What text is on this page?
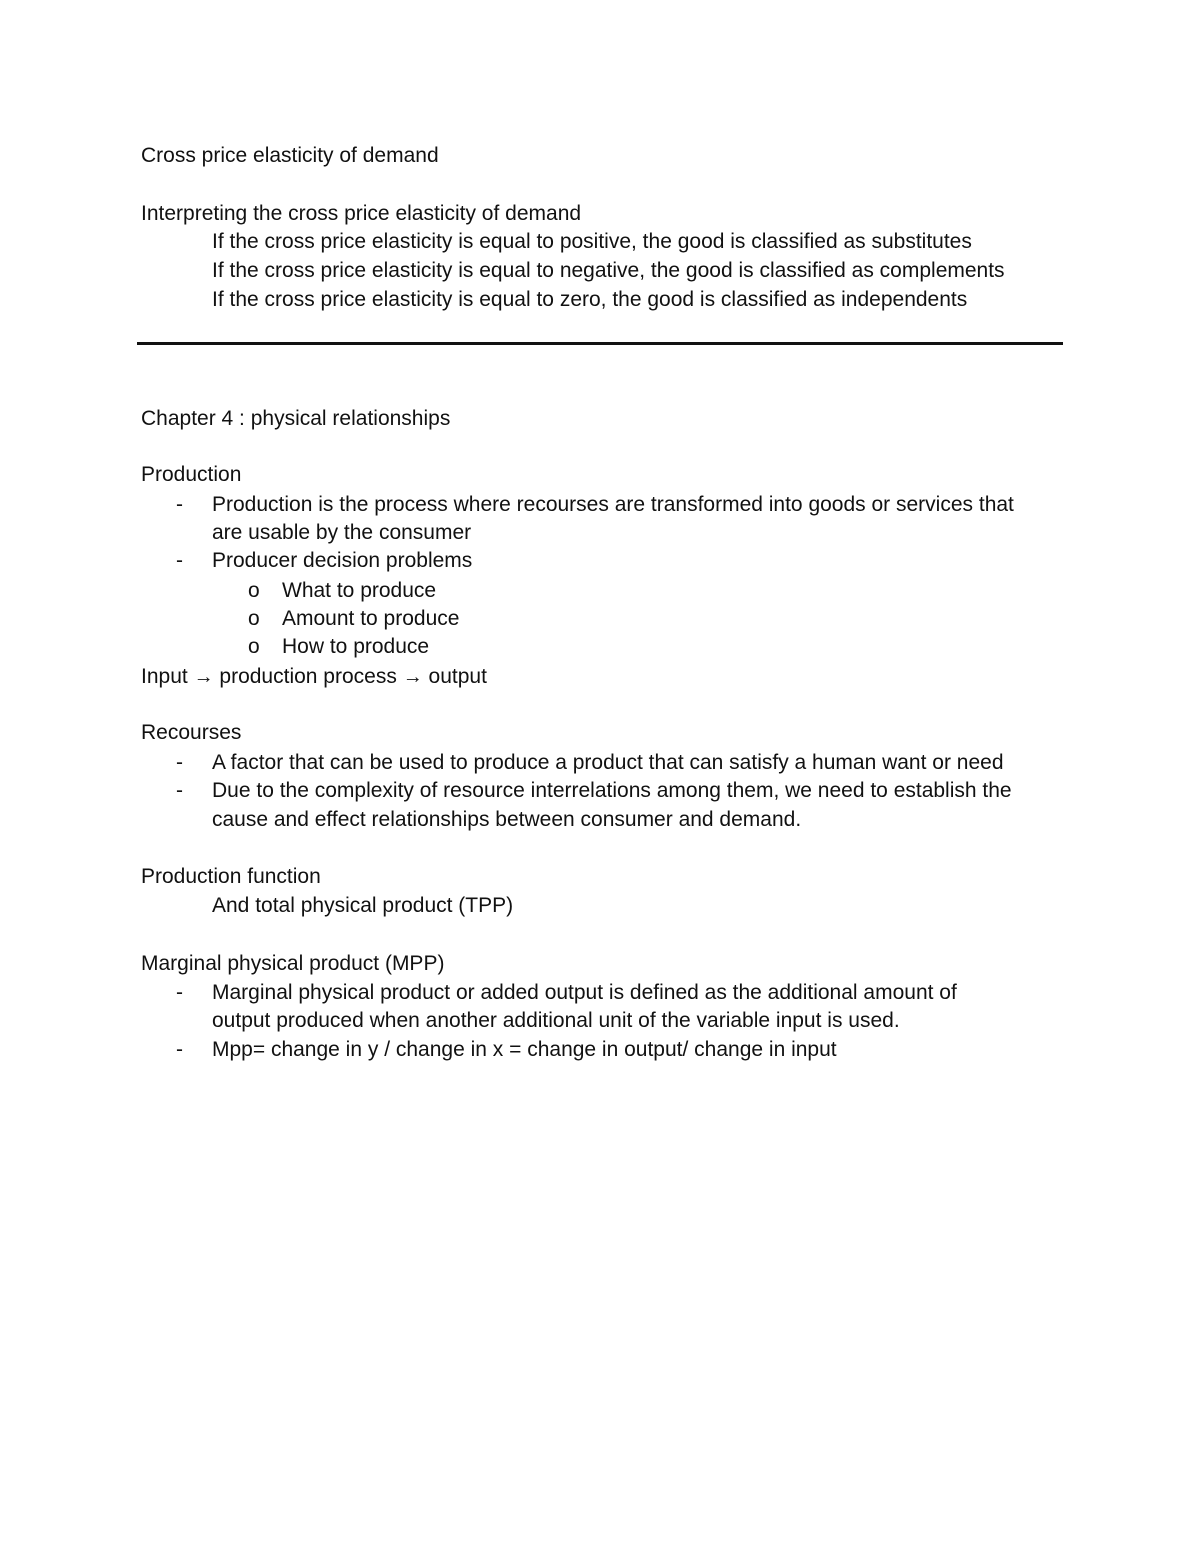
Cross price elasticity of demand
Interpreting the cross price elasticity of demand
If the cross price elasticity is equal to positive, the good is classified as substitutes
If the cross price elasticity is equal to negative, the good is classified as complements
If the cross price elasticity is equal to zero, the good is classified as independents
Chapter 4 : physical relationships
Production
- Production is the process where recourses are transformed into goods or services that
are usable by the consumer
- Producer decision problems
o What to produce
o Amount to produce
o How to produce
Input → production process → output
Recourses
- A factor that can be used to produce a product that can satisfy a human want or need
- Due to the complexity of resource interrelations among them, we need to establish the
cause and effect relationships between consumer and demand.
Production function
And total physical product (TPP)
Marginal physical product (MPP)
- Marginal physical product or added output is defined as the additional amount of
output produced when another additional unit of the variable input is used.
- Mpp= change in y / change in x = change in output/ change in input
